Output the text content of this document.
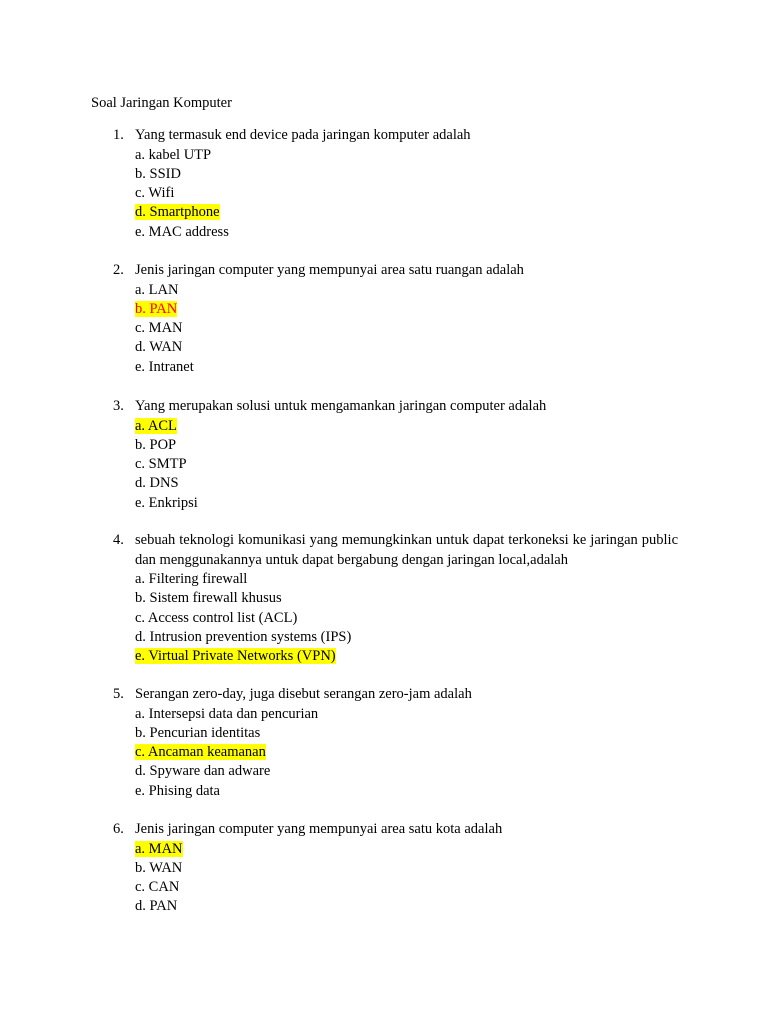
Soal Jaringan Komputer
1. Yang termasuk end device pada jaringan komputer adalah
a. kabel UTP
b. SSID
c. Wifi
d. Smartphone
e. MAC address
2. Jenis jaringan computer yang mempunyai area satu ruangan adalah
a. LAN
b. PAN
c. MAN
d. WAN
e. Intranet
3. Yang merupakan solusi untuk mengamankan jaringan computer adalah
a. ACL
b. POP
c. SMTP
d. DNS
e. Enkripsi
4. sebuah teknologi komunikasi yang memungkinkan untuk dapat terkoneksi ke jaringan public dan menggunakannya untuk dapat bergabung dengan jaringan local,adalah
a. Filtering firewall
b. Sistem firewall khusus
c. Access control list (ACL)
d. Intrusion prevention systems (IPS)
e. Virtual Private Networks (VPN)
5. Serangan zero-day, juga disebut serangan zero-jam adalah
a. Intersepsi data dan pencurian
b. Pencurian identitas
c. Ancaman keamanan
d. Spyware dan adware
e. Phising data
6. Jenis jaringan computer yang mempunyai area satu kota adalah
a. MAN
b. WAN
c. CAN
d. PAN
